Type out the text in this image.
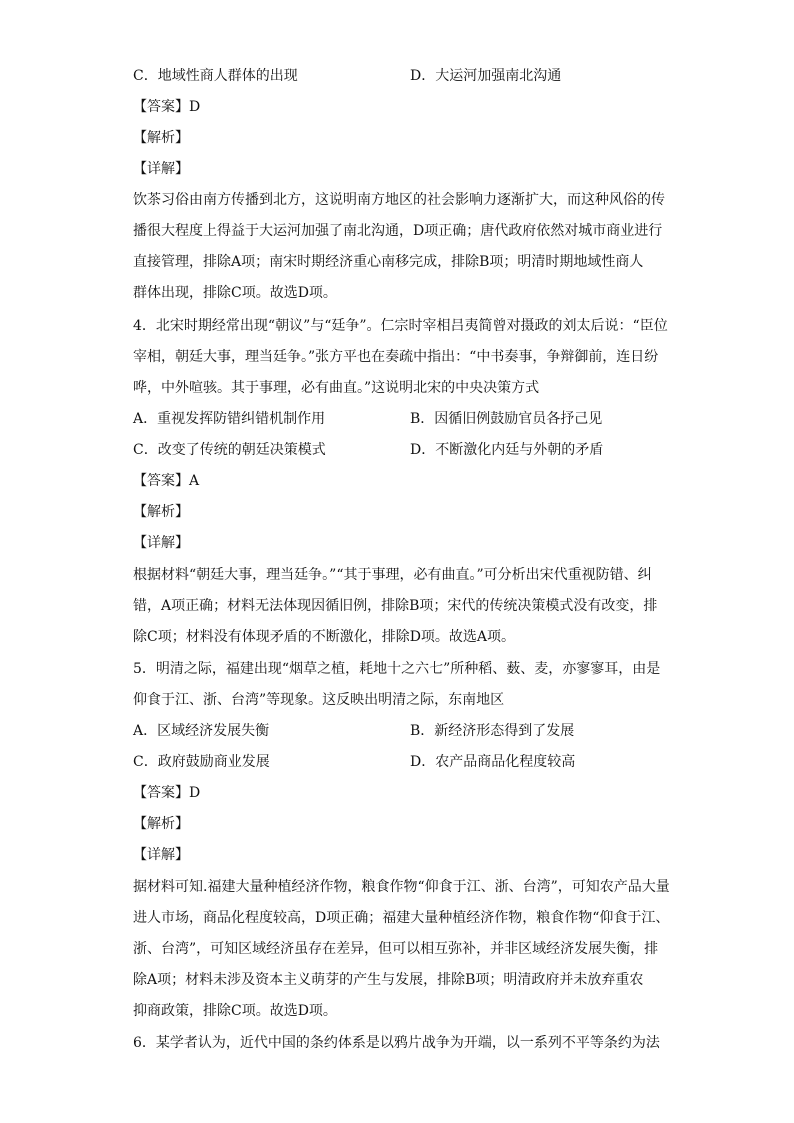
C．地域性商人群体的出现	D．大运河加强南北沟通
【答案】D
【解析】
【详解】
饮茶习俗由南方传播到北方，这说明南方地区的社会影响力逐渐扩大，而这种风俗的传
播很大程度上得益于大运河加强了南北沟通，D项正确；唐代政府依然对城市商业进行
直接管理，排除A项；南宋时期经济重心南移完成，排除B项；明清时期地域性商人
群体出现，排除C项。故选D项。
4．北宋时期经常出现“朝议”与“廷争”。仁宗时宰相吕夷简曾对摄政的刘太后说：“臣位
宰相，朝廷大事，理当廷争。”张方平也在奏疏中指出：“中书奏事，争辩御前，连日纷
哗，中外喧骇。其于事理，必有曲直。”这说明北宋的中央决策方式
A．重视发挥防错纠错机制作用	B．因循旧例鼓励官员各抒己见
C．改变了传统的朝廷决策模式	D．不断激化内廷与外朝的矛盾
【答案】A
【解析】
【详解】
根据材料“朝廷大事，理当廷争。”“其于事理，必有曲直。”可分析出宋代重视防错、纠
错，A项正确；材料无法体现因循旧例，排除B项；宋代的传统决策模式没有改变，排
除C项；材料没有体现矛盾的不断激化，排除D项。故选A项。
5．明清之际，福建出现“烟草之植，耗地十之六七”所种稻、薮、麦，亦寥寥耳，由是
仰食于江、浙、台湾”等现象。这反映出明清之际，东南地区
A．区域经济发展失衡	B．新经济形态得到了发展
C．政府鼓励商业发展	D．农产品商品化程度较高
【答案】D
【解析】
【详解】
据材料可知.福建大量种植经济作物，粮食作物“仰食于江、浙、台湾”，可知农产品大量
进人市场，商品化程度较高，D项正确；福建大量种植经济作物，粮食作物“仰食于江、
浙、台湾”，可知区域经济虽存在差异，但可以相互弥补，并非区域经济发展失衡，排
除A项；材料未涉及资本主义萌芽的产生与发展，排除B项；明清政府并未放弃重农
抑商政策，排除C项。故选D项。
6．某学者认为，近代中国的条约体系是以鸦片战争为开端，以一系列不平等条约为法
